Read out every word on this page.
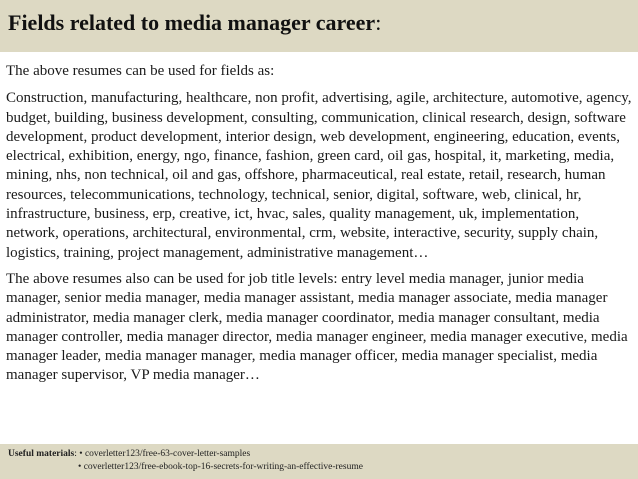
Fields related to media manager career:

The above resumes can be used for fields as:

Construction, manufacturing, healthcare, non profit, advertising, agile, architecture, automotive, agency, budget, building, business development, consulting, communication, clinical research, design, software development, product development, interior design, web development, engineering, education, events, electrical, exhibition, energy, ngo, finance, fashion, green card, oil gas, hospital, it, marketing, media, mining, nhs, non technical, oil and gas, offshore, pharmaceutical, real estate, retail, research, human resources, telecommunications, technology, technical, senior, digital, software, web, clinical, hr, infrastructure, business, erp, creative, ict, hvac, sales, quality management, uk, implementation, network, operations, architectural, environmental, crm, website, interactive, security, supply chain, logistics, training, project management, administrative management…

The above resumes also can be used for job title levels: entry level media manager, junior media manager, senior media manager, media manager assistant, media manager associate, media manager administrator, media manager clerk, media manager coordinator, media manager consultant, media manager controller, media manager director, media manager engineer, media manager executive, media manager leader, media manager manager, media manager officer, media manager specialist, media manager supervisor, VP media manager…

Useful materials: • coverletter123/free-63-cover-letter-samples
• coverletter123/free-ebook-top-16-secrets-for-writing-an-effective-resume
